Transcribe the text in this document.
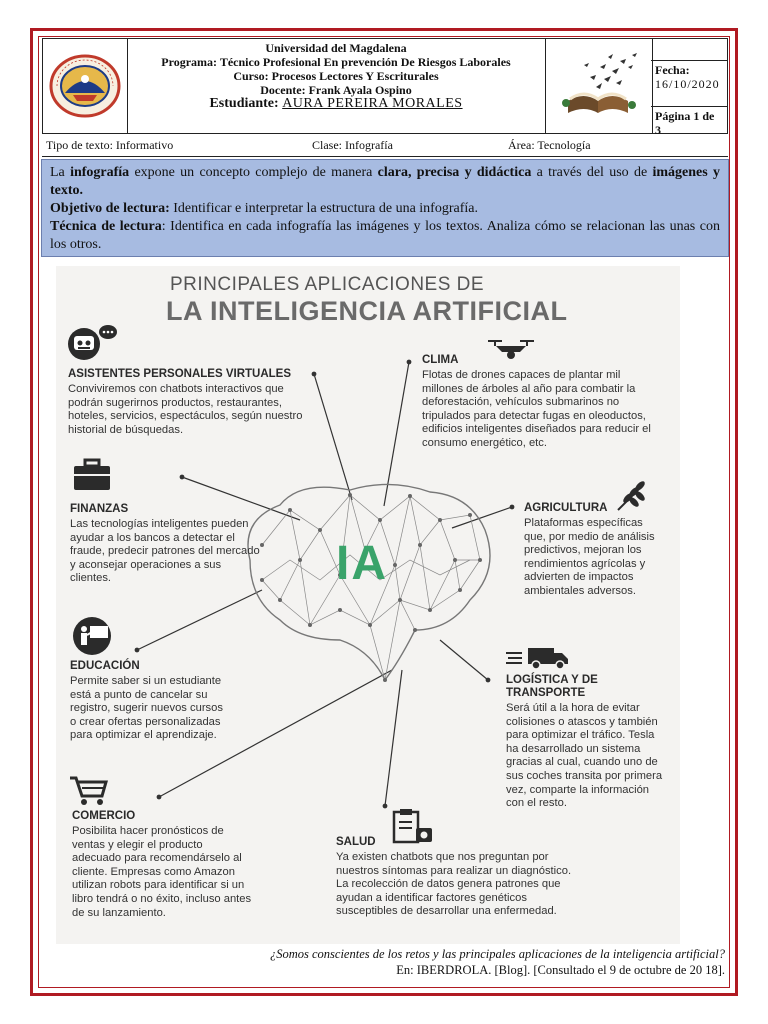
Universidad del Magdalena
Programa: Técnico Profesional En prevención De Riesgos Laborales
Curso: Procesos Lectores Y Escriturales
Docente: Frank Ayala Ospino
Estudiante: AURA PEREIRA MORALES
Fecha:
16/10/2020
Página 1 de 3
Tipo de texto: Informativo	Clase: Infografía	Área: Tecnología
La infografía expone un concepto complejo de manera clara, precisa y didáctica a través del uso de imágenes y texto.
Objetivo de lectura: Identificar e interpretar la estructura de una infografía.
Técnica de lectura: Identifica en cada infografía las imágenes y los textos. Analiza cómo se relacionan las unas con los otros.
IA
PRINCIPALES APLICACIONES DE
LA INTELIGENCIA ARTIFICIAL
ASISTENTES PERSONALES VIRTUALES

Conviviremos con chatbots interactivos que podrán sugerirnos productos, restaurantes, hoteles, servicios, espectáculos, según nuestro historial de búsquedas.

CLIMA

Flotas de drones capaces de plantar mil millones de árboles al año para combatir la deforestación, vehículos submarinos no tripulados para detectar fugas en oleoductos, edificios inteligentes diseñados para reducir el consumo energético, etc.

FINANZAS

Las tecnologías inteligentes pueden ayudar a los bancos a detectar el fraude, predecir patrones del mercado y aconsejar operaciones a sus clientes.

AGRICULTURA

Plataformas específicas que, por medio de análisis predictivos, mejoran los rendimientos agrícolas y advierten de impactos ambientales adversos.

EDUCACIÓN

Permite saber si un estudiante está a punto de cancelar su registro, sugerir nuevos cursos o crear ofertas personalizadas para optimizar el aprendizaje.

LOGÍSTICA Y DE TRANSPORTE

Será útil a la hora de evitar colisiones o atascos y también para optimizar el tráfico. Tesla ha desarrollado un sistema gracias al cual, cuando uno de sus coches transita por primera vez, comparte la información con el resto.

COMERCIO

Posibilita hacer pronósticos de ventas y elegir el producto adecuado para recomendárselo al cliente. Empresas como Amazon utilizan robots para identificar si un libro tendrá o no éxito, incluso antes de su lanzamiento.

SALUD

Ya existen chatbots que nos preguntan por nuestros síntomas para realizar un diagnóstico. La recolección de datos genera patrones que ayudan a identificar factores genéticos susceptibles de desarrollar una enfermedad.

¿Somos conscientes de los retos y las principales aplicaciones de la inteligencia artificial?
En: IBERDROLA. [Blog]. [Consultado el 9 de octubre de 20 18].
